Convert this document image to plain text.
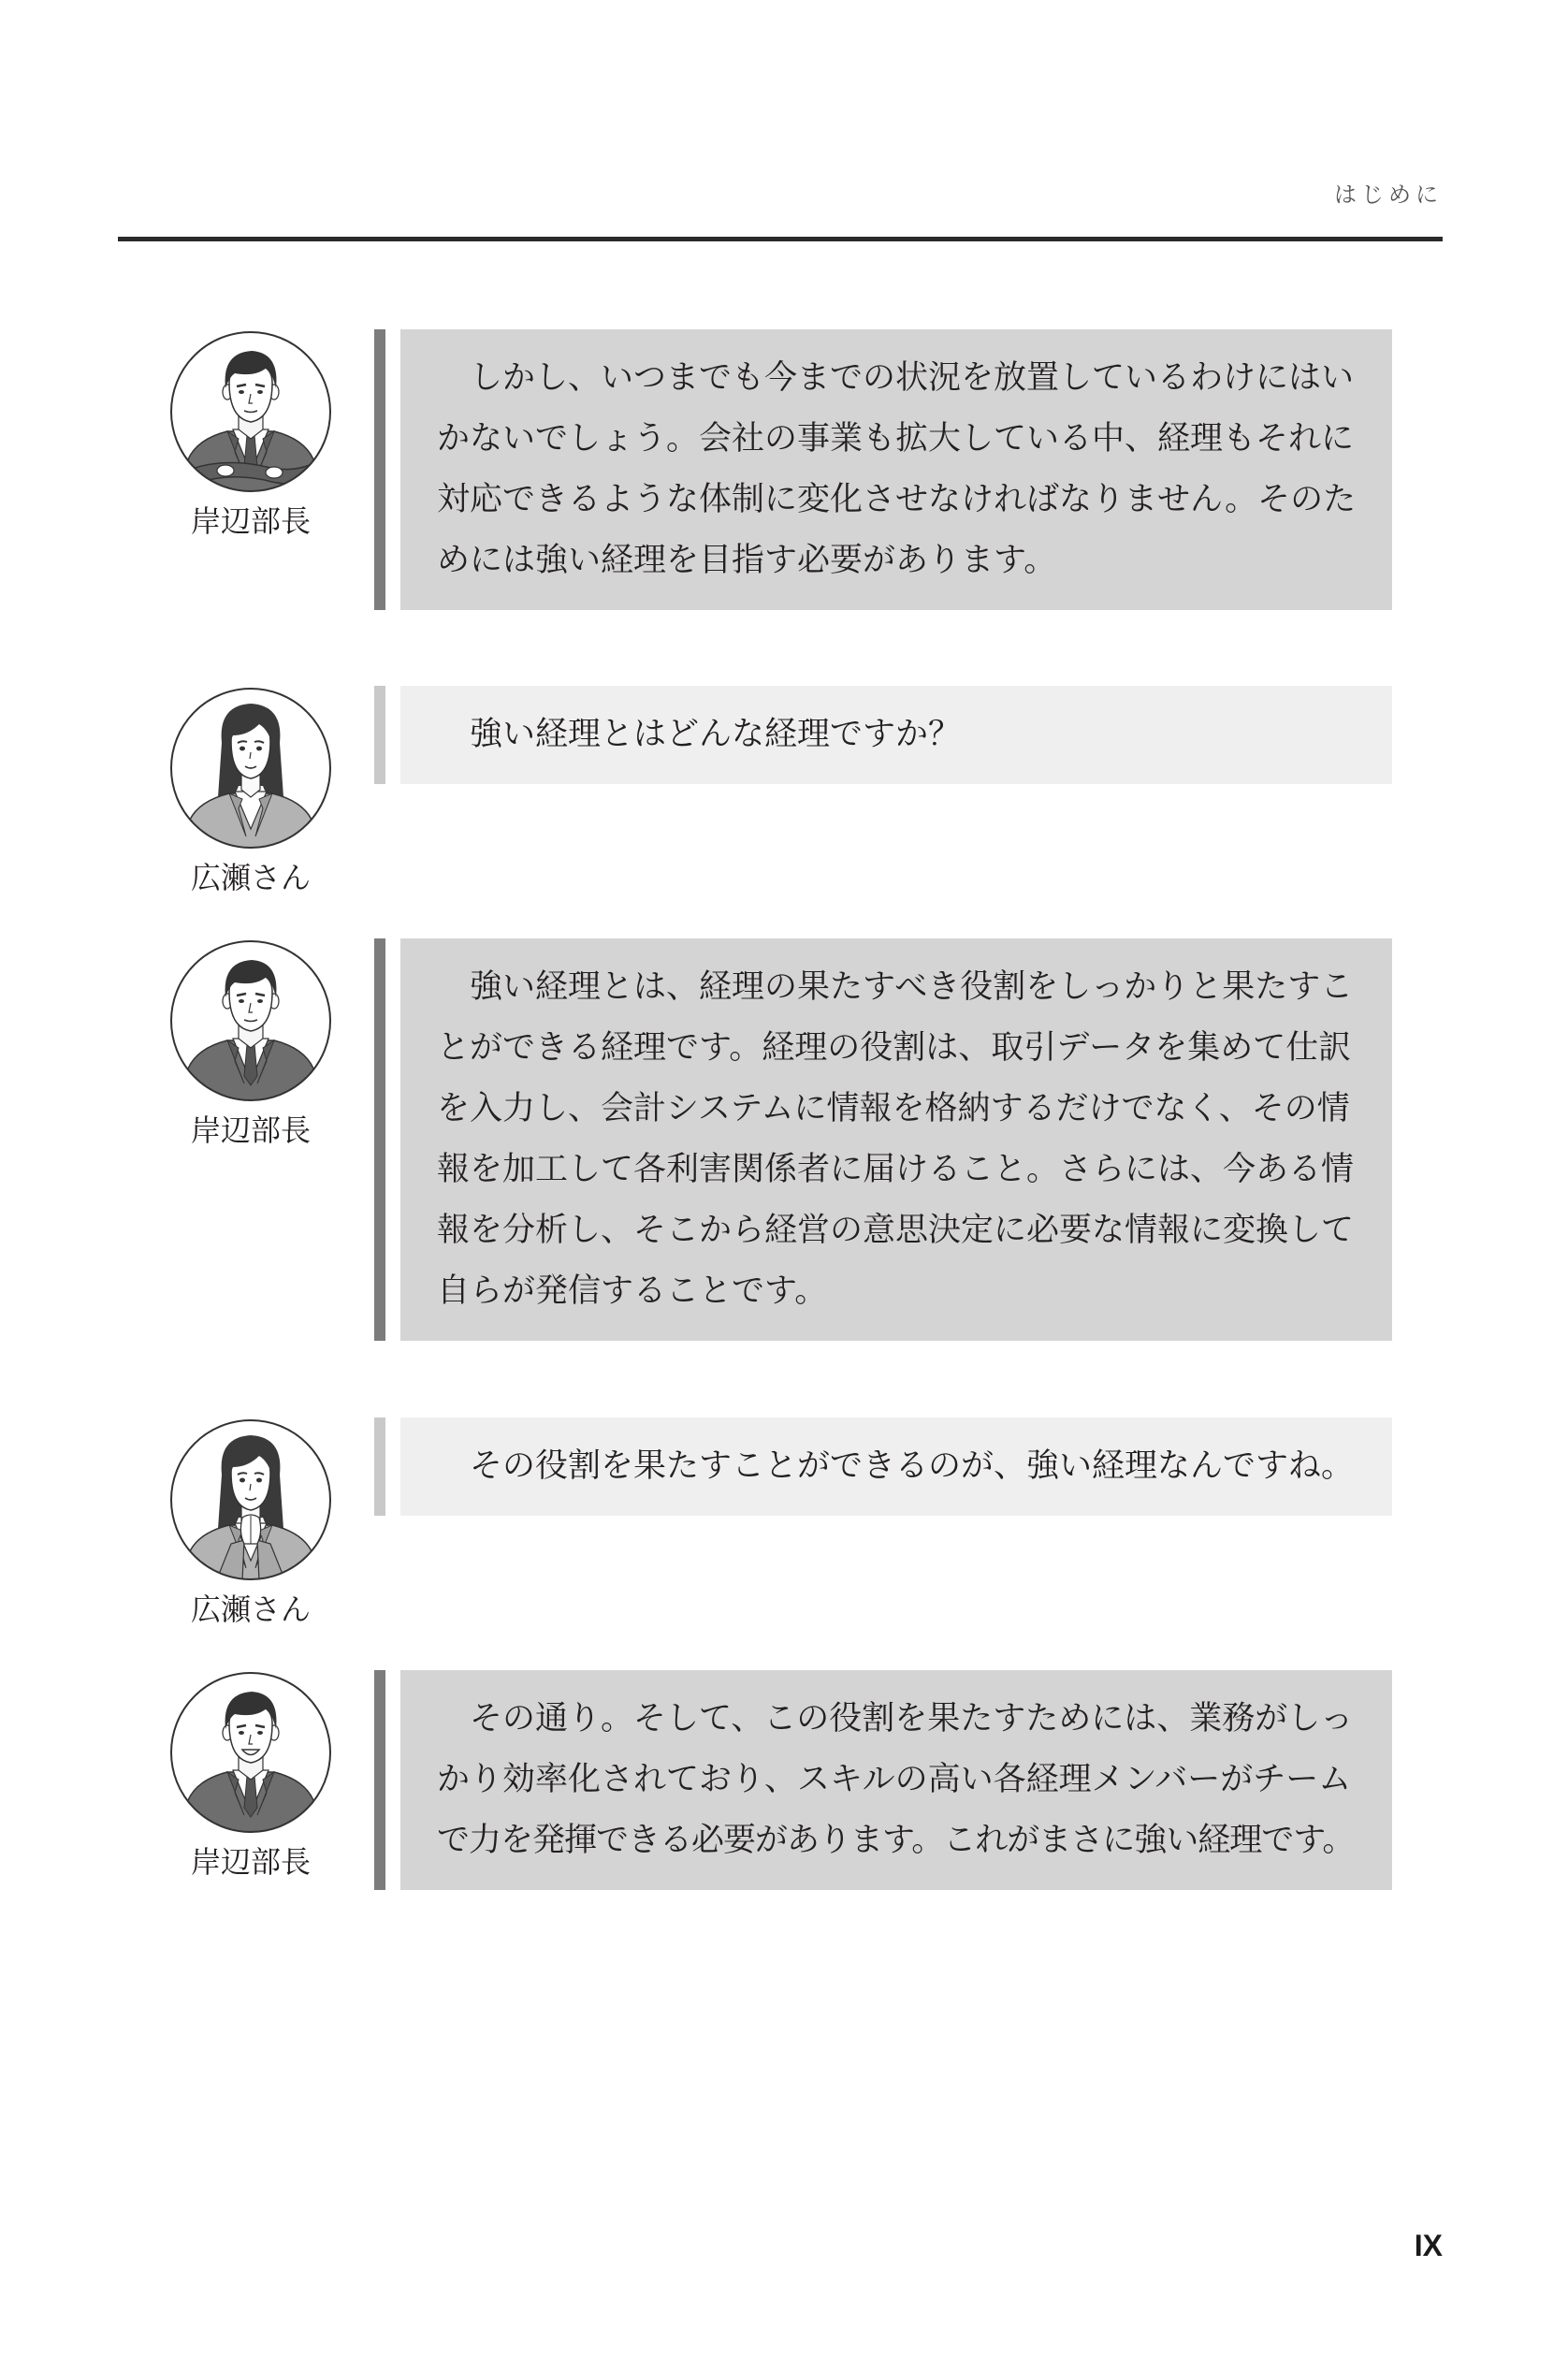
はじめに
岸辺部長
しかし、いつまでも今までの状況を放置しているわけにはい
かないでしょう。会社の事業も拡大している中、経理もそれに
対応できるような体制に変化させなければなりません。そのた
めには強い経理を目指す必要があります。
広瀬さん
強い経理とはどんな経理ですか？
岸辺部長
強い経理とは、経理の果たすべき役割をしっかりと果たすこ
とができる経理です。経理の役割は、取引データを集めて仕訳
を入力し、会計システムに情報を格納するだけでなく、その情
報を加工して各利害関係者に届けること。さらには、今ある情
報を分析し、そこから経営の意思決定に必要な情報に変換して
自らが発信することです。
広瀬さん
その役割を果たすことができるのが、強い経理なんですね。
岸辺部長
その通り。そして、この役割を果たすためには、業務がしっ
かり効率化されており、スキルの高い各経理メンバーがチーム
で力を発揮できる必要があります。これがまさに強い経理です。
IX
